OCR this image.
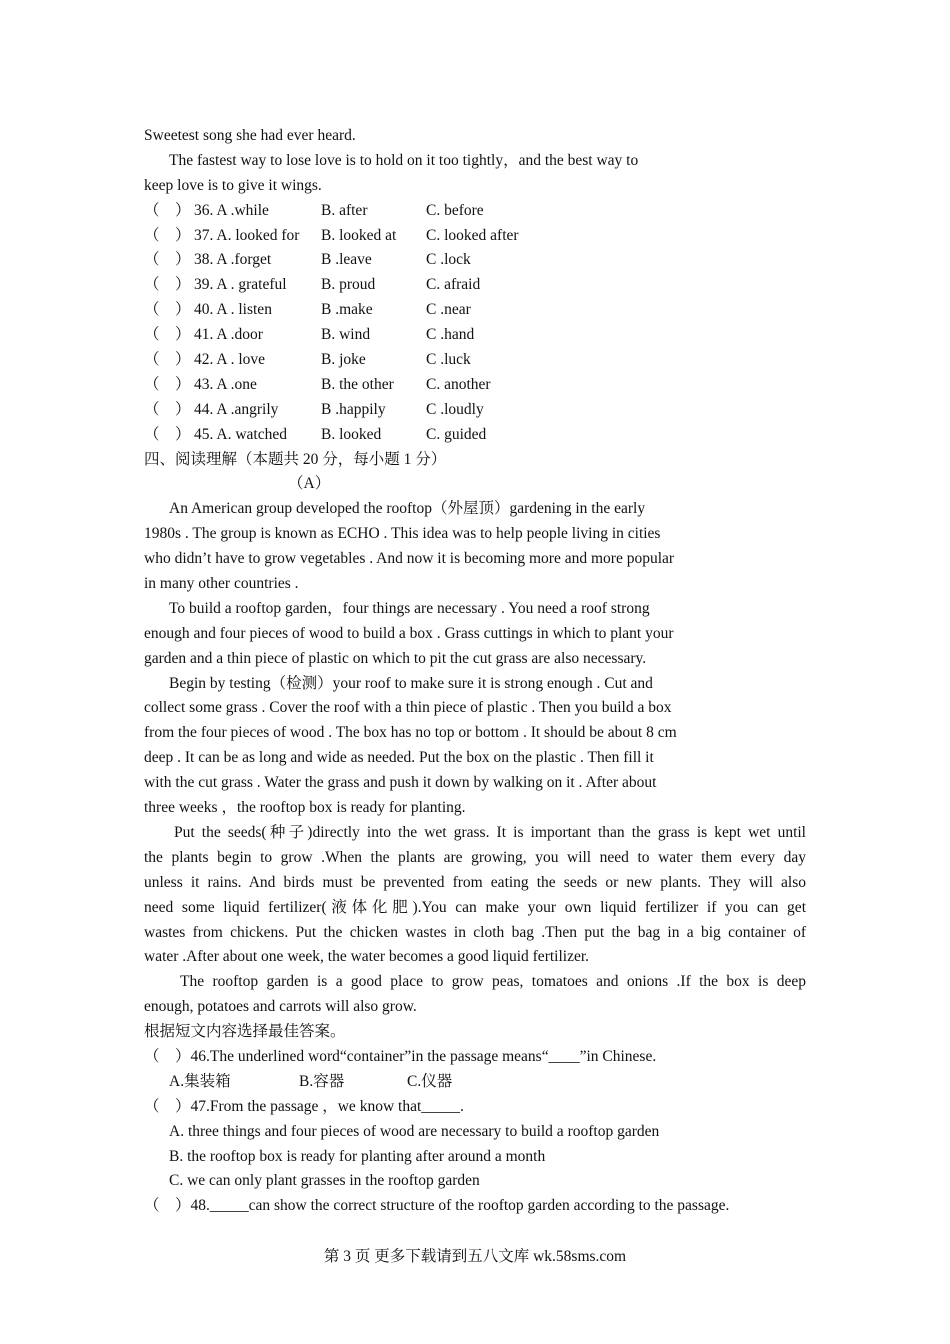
Sweetest song she had ever heard.
The fastest way to lose love is to hold on it too tightly，and the best way to
keep love is to give it wings.
（　） 36. A .while	B. after	C. before
（　） 37. A. looked for B. looked at C. looked after
（　） 38. A .forget	B .leave	C .lock
（　） 39. A . grateful B. proud	C. afraid
（　） 40. A . listen	B .make	C .near
（　） 41. A .door	B. wind	C .hand
（　） 42. A . love	B. joke	C .luck
（　） 43. A .one	B. the other C. another
（　） 44. A .angrily	B .happily	C .loudly
（　） 45. A. watched B. looked	C. guided
四、阅读理解（本题共 20 分，每小题 1 分）
（A）
An American group developed the rooftop（外屋顶）gardening in the early
1980s . The group is known as ECHO . This idea was to help people living in cities
who didn’t have to grow vegetables . And now it is becoming more and more popular
in many other countries .
To build a rooftop garden，four things are necessary . You need a roof strong
enough and four pieces of wood to build a box . Grass cuttings in which to plant your
garden and a thin piece of plastic on which to pit the cut grass are also necessary.
Begin by testing（检测）your roof to make sure it is strong enough . Cut and
collect some grass . Cover the roof with a thin piece of plastic . Then you build a box
from the four pieces of wood . The box has no top or bottom . It should be about 8 cm
deep . It can be as long and wide as needed. Put the box on the plastic . Then fill it
with the cut grass . Water the grass and push it down by walking on it . After about
three weeks ，the rooftop box is ready for planting.
Put the seeds(种子)directly into the wet grass. It is important than the grass is kept wet until
the plants begin to grow .When the plants are growing, you will need to water them every day
unless it rains. And birds must be prevented from eating the seeds or new plants. They will also
need some liquid fertilizer(液体化肥).You can make your own liquid fertilizer if you can get
wastes from chickens. Put the chicken wastes in cloth bag .Then put the bag in a big container of
water .After about one week, the water becomes a good liquid fertilizer.
The rooftop garden is a good place to grow peas, tomatoes and onions .If the box is deep
enough, potatoes and carrots will also grow.
根据短文内容选择最佳答案。
（　）46.The underlined word“container”in the passage means“____”in Chinese.
A.集装箱	B.容器	C.仪器
（　）47.From the passage ，we know that_____.
A. three things and four pieces of wood are necessary to build a rooftop garden
B. the rooftop box is ready for planting after around a month
C. we can only plant grasses in the rooftop garden
（　）48._____can show the correct structure of the rooftop garden according to the passage.
第 3 页 更多下载请到五八文库 wk.58sms.com
